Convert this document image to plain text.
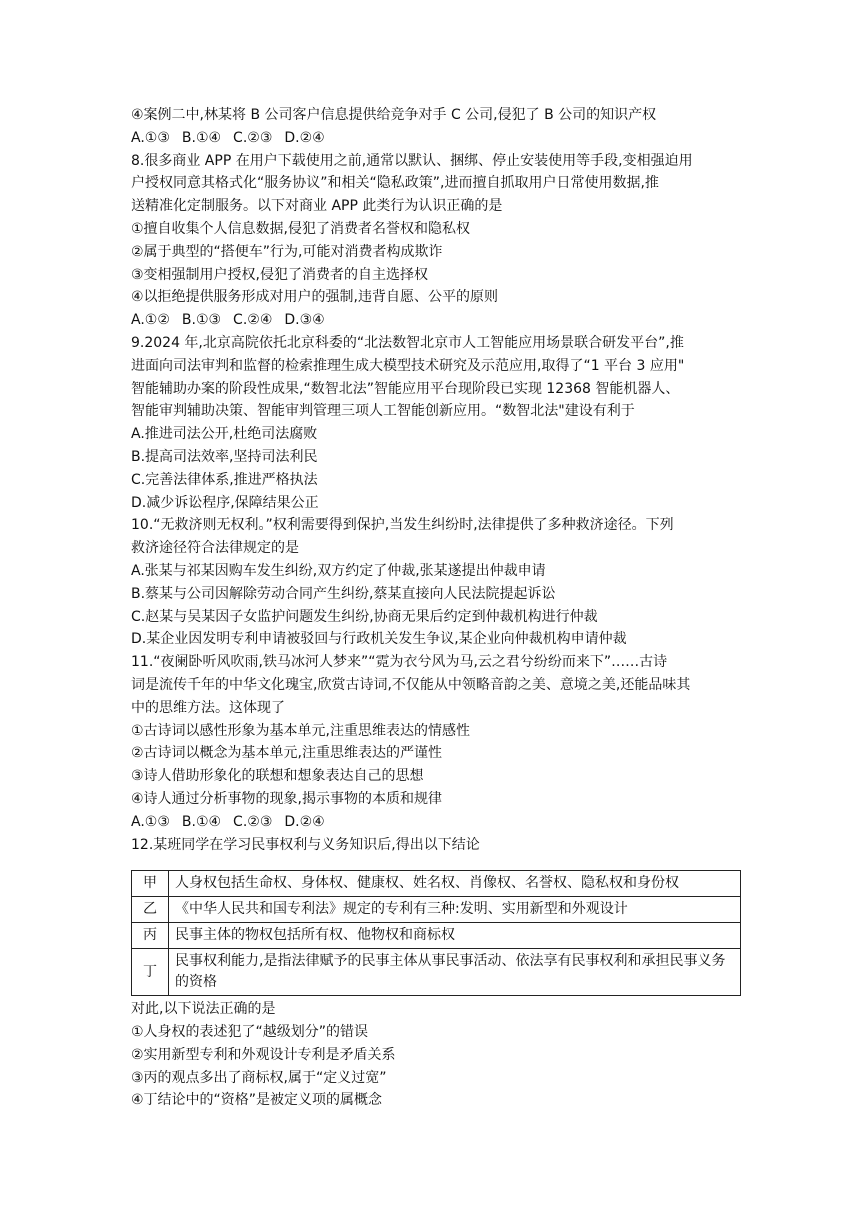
④案例二中,林某将 B 公司客户信息提供给竞争对手 C 公司,侵犯了 B 公司的知识产权
A.①③ B.①④ C.②③ D.②④
8.很多商业 APP 在用户下载使用之前,通常以默认、捆绑、停止安装使用等手段,变相强迫用
户授权同意其格式化“服务协议”和相关“隐私政策”,进而擅自抓取用户日常使用数据,推
送精准化定制服务。以下对商业 APP 此类行为认识正确的是
①擅自收集个人信息数据,侵犯了消费者名誉权和隐私权
②属于典型的“搭便车”行为,可能对消费者构成欺诈
③变相强制用户授权,侵犯了消费者的自主选择权
④以拒绝提供服务形成对用户的强制,违背自愿、公平的原则
A.①② B.①③ C.②④ D.③④
9.2024 年,北京高院依托北京科委的“北法数智北京市人工智能应用场景联合研发平台”,推
进面向司法审判和监督的检索推理生成大模型技术研究及示范应用,取得了“1 平台 3 应用"
智能辅助办案的阶段性成果,“数智北法”智能应用平台现阶段已实现 12368 智能机器人、
智能审判辅助决策、智能审判管理三项人工智能创新应用。“数智北法"建设有利于
A.推进司法公开,杜绝司法腐败
B.提高司法效率,坚持司法利民
C.完善法律体系,推进严格执法
D.减少诉讼程序,保障结果公正
10.“无救济则无权利。”权利需要得到保护,当发生纠纷时,法律提供了多种救济途径。下列
救济途径符合法律规定的是
A.张某与祁某因购车发生纠纷,双方约定了仲裁,张某遂提出仲裁申请
B.蔡某与公司因解除劳动合同产生纠纷,蔡某直接向人民法院提起诉讼
C.赵某与吴某因子女监护问题发生纠纷,协商无果后约定到仲裁机构进行仲裁
D.某企业因发明专利申请被驳回与行政机关发生争议,某企业向仲裁机构申请仲裁
11.“夜阑卧听风吹雨,铁马冰河人梦来”“霓为衣兮风为马,云之君兮纷纷而来下”……古诗
词是流传千年的中华文化瑰宝,欣赏古诗词,不仅能从中领略音韵之美、意境之美,还能品味其
中的思维方法。这体现了
①古诗词以感性形象为基本单元,注重思维表达的情感性
②古诗词以概念为基本单元,注重思维表达的严谨性
③诗人借助形象化的联想和想象表达自己的思想
④诗人通过分析事物的现象,揭示事物的本质和规律
A.①③ B.①④ C.②③ D.②④
12.某班同学在学习民事权利与义务知识后,得出以下结论
甲	人身权包括生命权、身体权、健康权、姓名权、肖像权、名誉权、隐私权和身份权
乙	《中华人民共和国专利法》规定的专利有三种:发明、实用新型和外观设计
丙	民事主体的物权包括所有权、他物权和商标权
丁	民事权利能力,是指法律赋予的民事主体从事民事活动、依法享有民事权利和承担民事义务的资格
对此,以下说法正确的是
①人身权的表述犯了“越级划分”的错误
②实用新型专利和外观设计专利是矛盾关系
③丙的观点多出了商标权,属于“定义过宽”
④丁结论中的“资格”是被定义项的属概念
